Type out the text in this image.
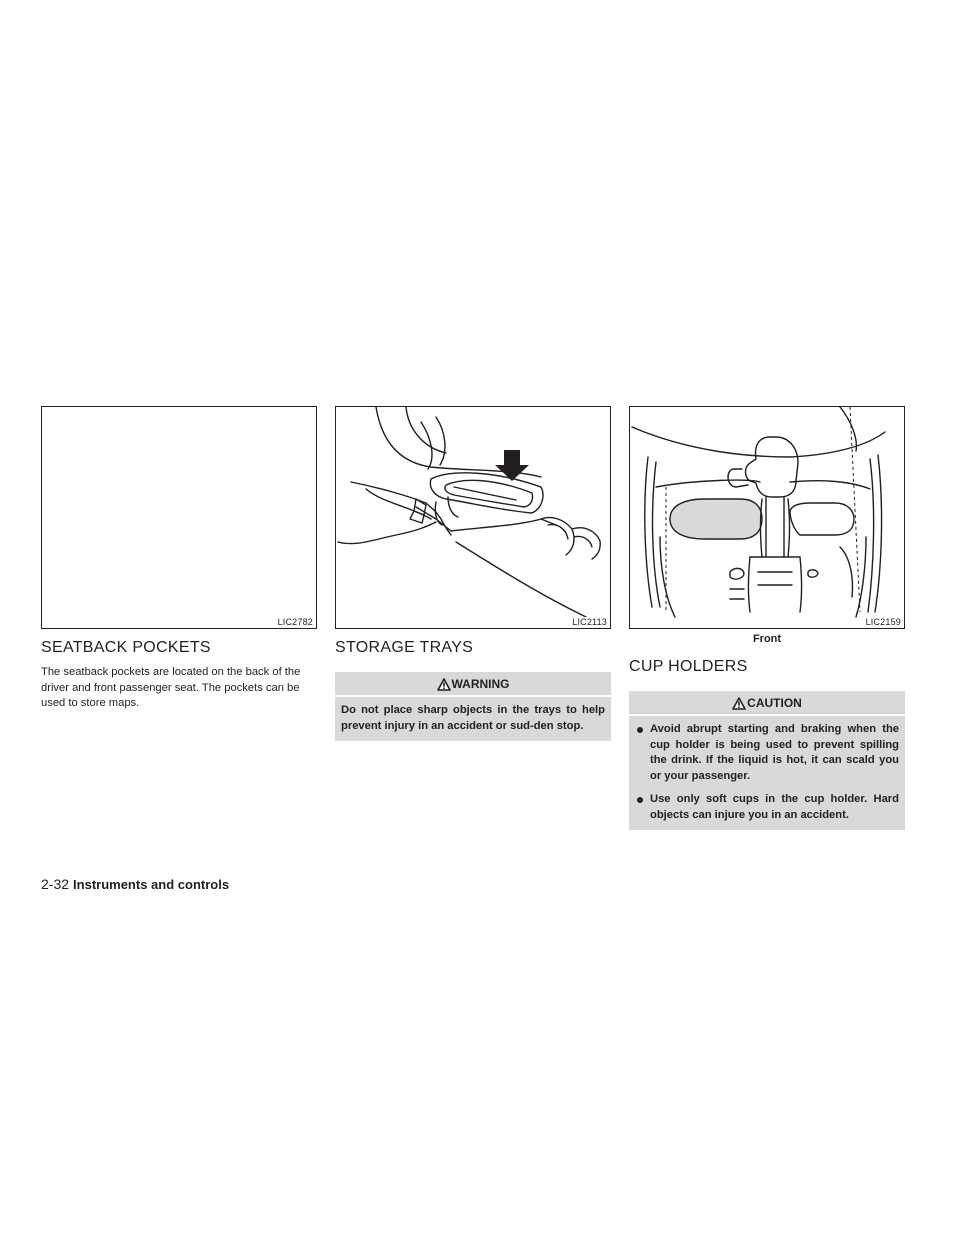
LIC2782
SEATBACK POCKETS

The seatback pockets are located on the back of the driver and front passenger seat. The pockets can be used to store maps.

LIC2113
STORAGE TRAYS
WARNING
Do not place sharp objects in the trays to help prevent injury in an accident or sud-den stop.
LIC2159
Front
CUP HOLDERS
CAUTION
Avoid abrupt starting and braking when the cup holder is being used to prevent spilling the drink. If the liquid is hot, it can scald you or your passenger.
Use only soft cups in the cup holder. Hard objects can injure you in an accident.
2-32 Instruments and controls
